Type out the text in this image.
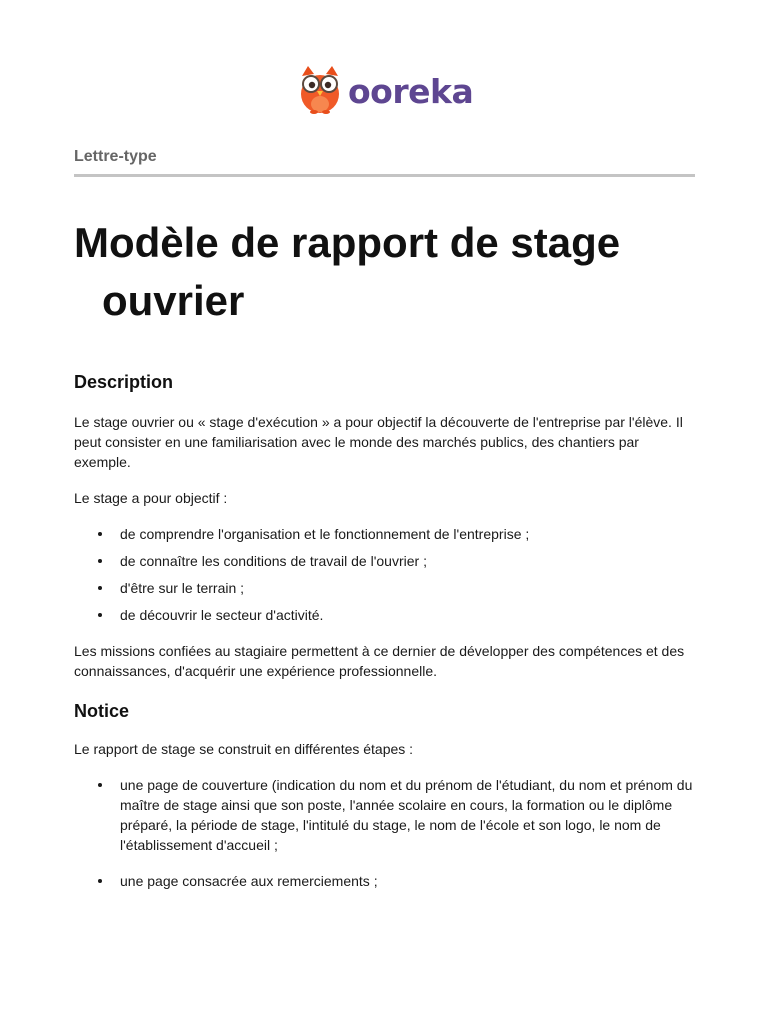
ooreka
Lettre-type
Modèle de rapport de stage
ouvrier
Description

Le stage ouvrier ou « stage d'exécution » a pour objectif la découverte de l'entreprise par l'élève. Il peut consister en une familiarisation avec le monde des marchés publics, des chantiers par exemple.

Le stage a pour objectif :

de comprendre l'organisation et le fonctionnement de l'entreprise ;
de connaître les conditions de travail de l'ouvrier ;
d'être sur le terrain ;
de découvrir le secteur d'activité.

Les missions confiées au stagiaire permettent à ce dernier de développer des compétences et des connaissances, d'acquérir une expérience professionnelle.

Notice

Le rapport de stage se construit en différentes étapes :

une page de couverture (indication du nom et du prénom de l'étudiant, du nom et prénom du maître de stage ainsi que son poste, l'année scolaire en cours, la formation ou le diplôme préparé, la période de stage, l'intitulé du stage, le nom de l'école et son logo, le nom de l'établissement d'accueil ;
une page consacrée aux remerciements ;
